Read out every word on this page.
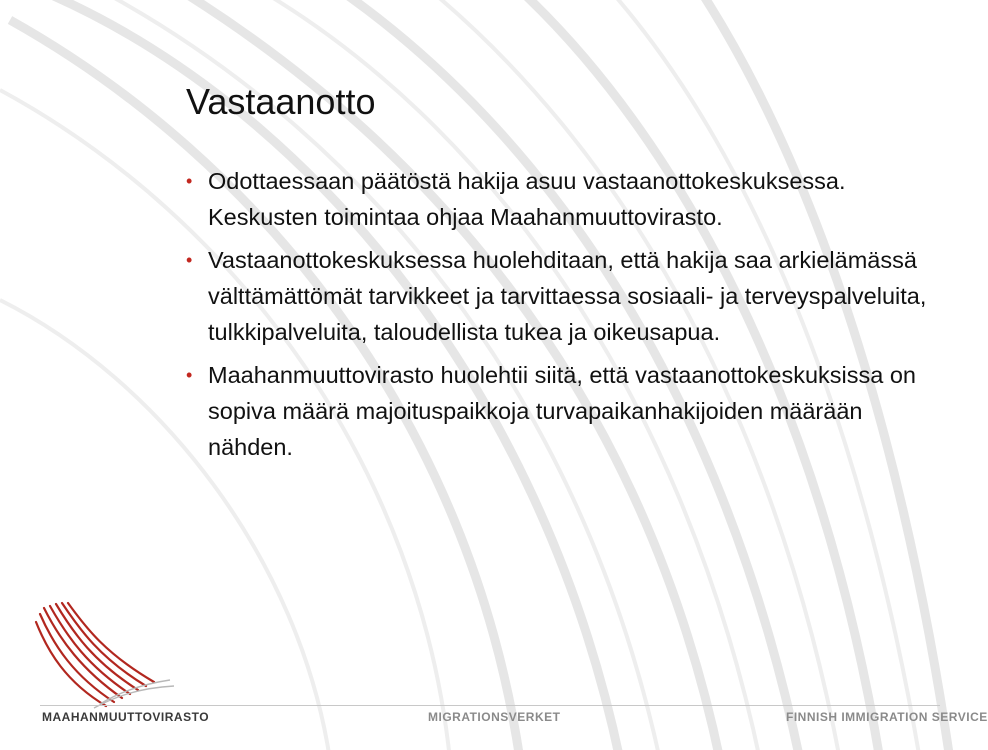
Vastaanotto
• Odottaessaan päätöstä hakija asuu vastaanottokeskuksessa. Keskusten toimintaa ohjaa Maahanmuuttovirasto.
• Vastaanottokeskuksessa huolehditaan, että hakija saa arkielämässä välttämättömät tarvikkeet ja tarvittaessa sosiaali- ja terveyspalveluita, tulkkipalveluita, taloudellista tukea ja oikeusapua.
• Maahanmuuttovirasto huolehtii siitä, että vastaanottokeskuksissa on sopiva määrä majoituspaikkoja turvapaikanhakijoiden määrään nähden.
MAAHANMUUTTOVIRASTO	MIGRATIONSVERKET	FINNISH IMMIGRATION SERVICE
